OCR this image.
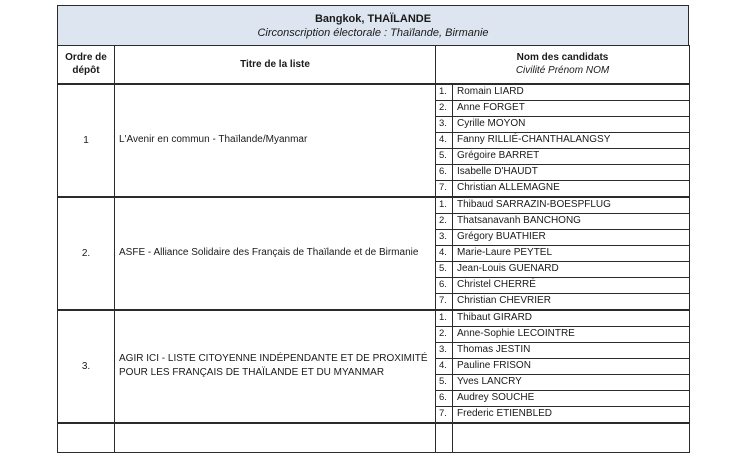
Bangkok, THAÏLANDE
Circonscription électorale : Thaïlande, Birmanie
Ordre de dépôt	Titre de la liste	Nom des candidats
Civilité Prénom NOM	

1	L'Avenir en commun - Thaïlande/Myanmar	1.	Romain LIARD
		2.	Anne FORGET
		3.	Cyrille MOYON
		4.	Fanny RILLIÉ-CHANTHALANGSY
		5.	Grégoire BARRET
		6.	Isabelle D'HAUDT
		7.	Christian ALLEMAGNE
2.	ASFE - Alliance Solidaire des Français de Thaïlande et de Birmanie	1.	Thibaud SARRAZIN-BOESPFLUG
		2.	Thatsanavanh BANCHONG
		3.	Grégory BUATHIER
		4.	Marie-Laure PEYTEL
		5.	Jean-Louis GUENARD
		6.	Christel CHERRÉ
		7.	Christian CHEVRIER
3.	AGIR ICI - LISTE CITOYENNE INDÉPENDANTE ET DE PROXIMITÉ POUR LES FRANÇAIS DE THAÏLANDE ET DU MYANMAR	1.	Thibaut GIRARD
		2.	Anne-Sophie LECOINTRE
		3.	Thomas JESTIN
		4.	Pauline FRISON
		5.	Yves LANCRY
		6.	Audrey SOUCHE
		7.	Frederic ETIENBLED
